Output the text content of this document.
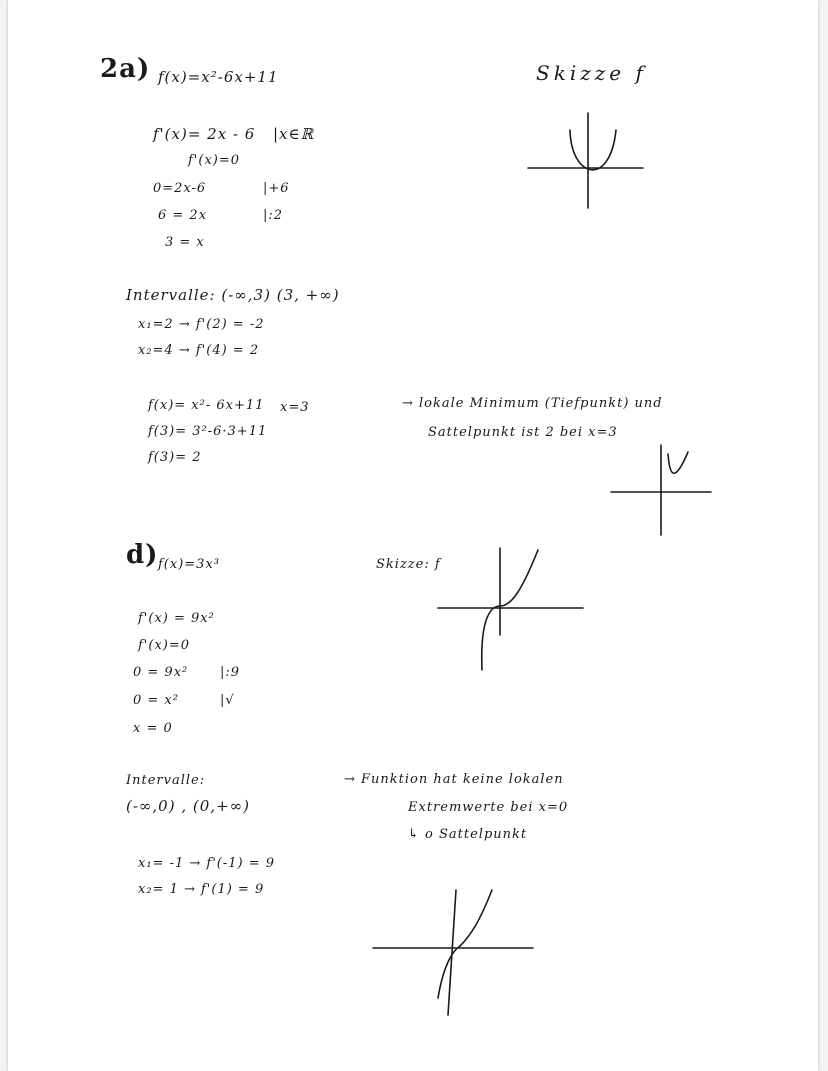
2a) f(x)=x²-6x+11	Skizze f
f'(x)= 2x - 6 |x∈ℝ
f'(x)=0
0=2x-6	|+6
6 = 2x	|:2
3 = x
Intervalle: (-∞,3) (3, +∞)
x₁=2 → f'(2) = -2
x₂=4 → f'(4) = 2
f(x)= x²- 6x+11 x=3
f(3)= 3²-6·3+11
f(3)= 2
→ lokale Minimum (Tiefpunkt) und
Sattelpunkt ist 2 bei x=3
d) f(x)=3x³	Skizze: f
f'(x) = 9x²
f'(x)=0
0 = 9x² |:9
0 = x²	|√
x = 0
Intervalle:
(-∞,0) , (0,+∞)
x₁= -1 → f'(-1) = 9
x₂= 1 → f'(1) = 9
→ Funktion hat keine lokalen
Extremwerte bei x=0
↳ o Sattelpunkt
